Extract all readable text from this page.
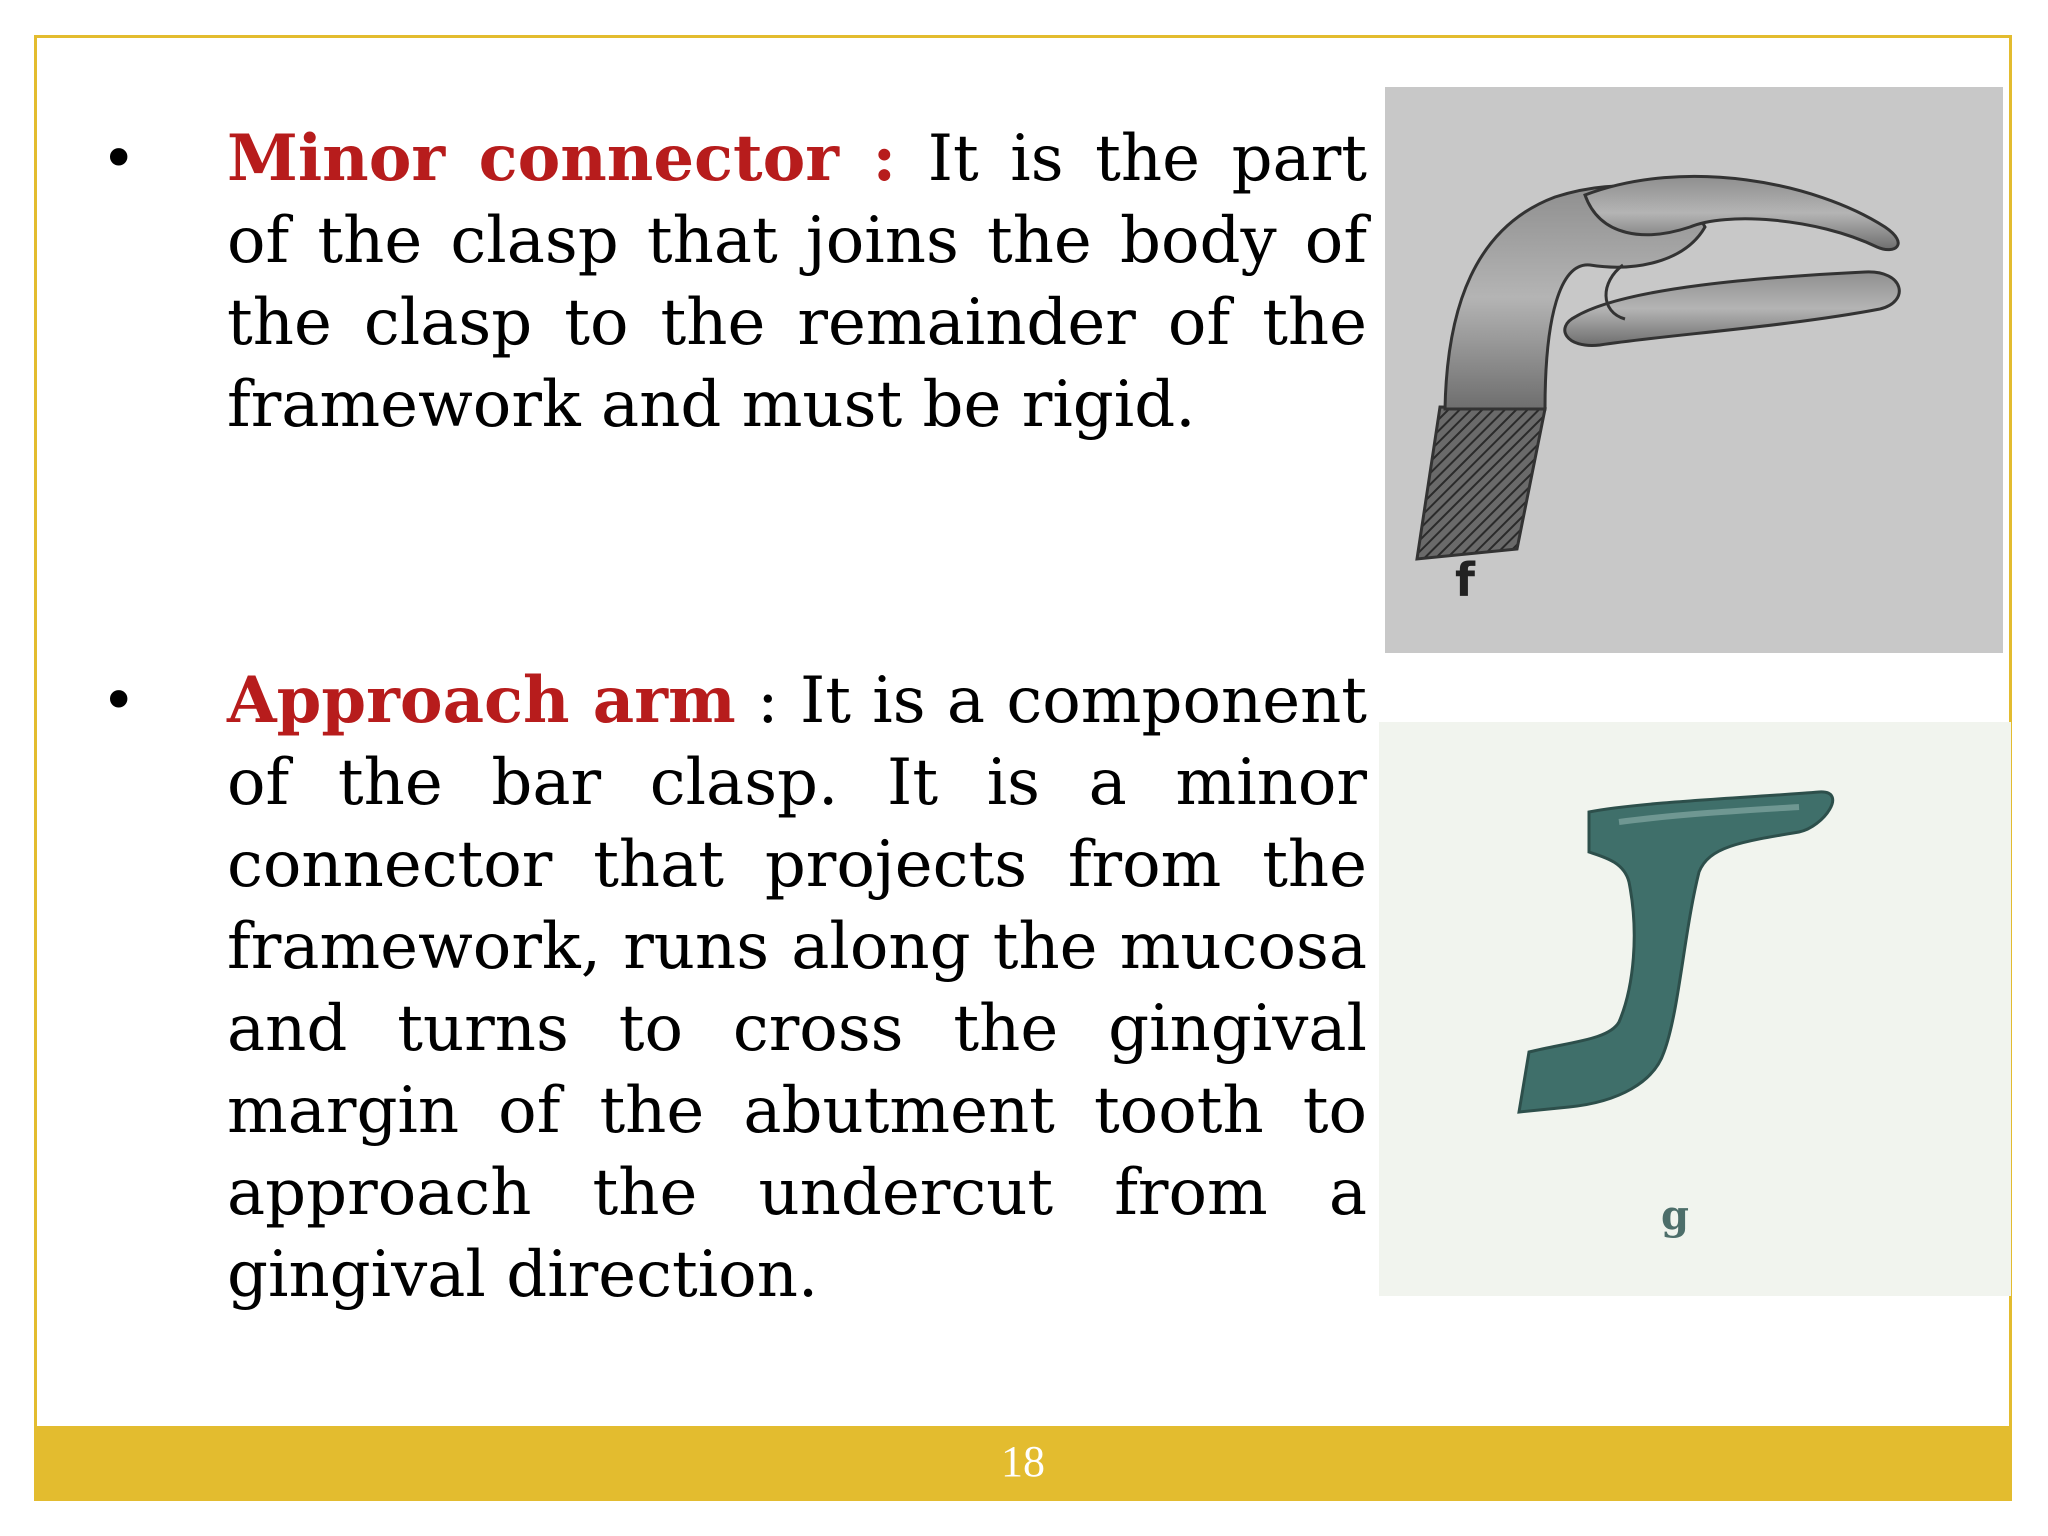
• Minor connector : It is the part of the clasp that joins the body of the clasp to the remainder of the framework and must be rigid.

• Approach arm : It is a component of the bar clasp. It is a minor connector that projects from the framework, runs along the mucosa and turns to cross the gingival margin of the abutment tooth to approach the undercut from a gingival direction.

f
g
18
